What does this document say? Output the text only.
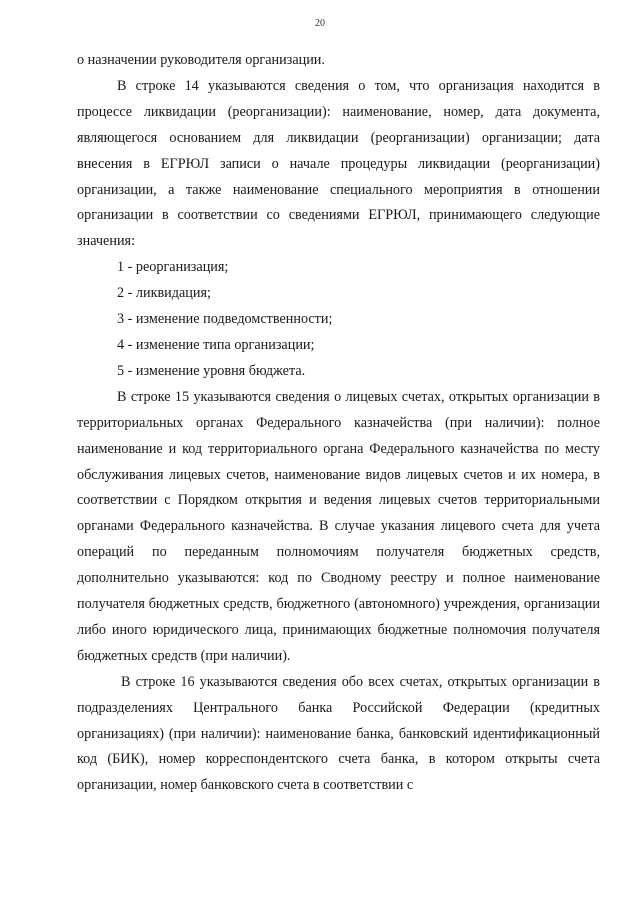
20

о назначении руководителя организации.

В строке 14 указываются сведения о том, что организация находится в процессе ликвидации (реорганизации): наименование, номер, дата документа, являющегося основанием для ликвидации (реорганизации) организации; дата внесения в ЕГРЮЛ записи о начале процедуры ликвидации (реорганизации) организации, а также наименование специального мероприятия в отношении организации в соответствии со сведениями ЕГРЮЛ, принимающего следующие значения:

1 - реорганизация;

2 - ликвидация;

3 - изменение подведомственности;

4 - изменение типа организации;

5 - изменение уровня бюджета.

В строке 15 указываются сведения о лицевых счетах, открытых организации в территориальных органах Федерального казначейства (при наличии): полное наименование и код территориального органа Федерального казначейства по месту обслуживания лицевых счетов, наименование видов лицевых счетов и их номера, в соответствии с Порядком открытия и ведения лицевых счетов территориальными органами Федерального казначейства. В случае указания лицевого счета для учета операций по переданным полномочиям получателя бюджетных средств, дополнительно указываются: код по Сводному реестру и полное наименование получателя бюджетных средств, бюджетного (автономного) учреждения, организации либо иного юридического лица, принимающих бюджетные полномочия получателя бюджетных средств (при наличии).

В строке 16 указываются сведения обо всех счетах, открытых организации в подразделениях Центрального банка Российской Федерации (кредитных организациях) (при наличии): наименование банка, банковский идентификационный код (БИК), номер корреспондентского счета банка, в котором открыты счета организации, номер банковского счета в соответствии с
